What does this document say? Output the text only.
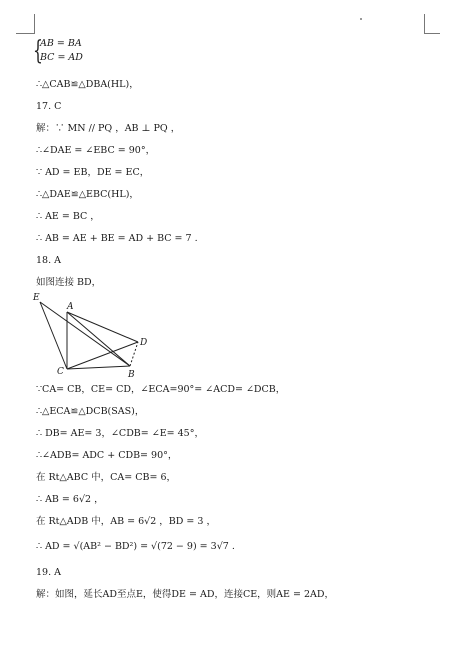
{
AB = BA
BC = AD
∴△CAB≌△DBA(HL)，
17. C
解：∵ MN // PQ ，AB ⊥ PQ ，
∴∠DAE = ∠EBC = 90°，
∵ AD = EB，DE = EC，
∴△DAE≌△EBC(HL)，
∴ AE = BC ，
∴ AB = AE + BE = AD + BC = 7 .
18. A
如图连接 BD，
E
A
D
C	B
∵CA= CB，CE= CD，∠ECA=90°= ∠ACD= ∠DCB，
∴△ECA≌△DCB(SAS)，
∴ DB= AE= 3，∠CDB= ∠E= 45°，
∴∠ADB= ADC + CDB= 90°，
在 Rt△ABC 中，CA= CB= 6，
∴ AB = 6√2 ，
在 Rt△ADB 中，AB = 6√2 ，BD = 3 ，
∴ AD = √(AB² − BD²) = √(72 − 9) = 3√7 .
19. A
解：如图，延长AD至点E，使得DE = AD，连接CE，则AE = 2AD，
